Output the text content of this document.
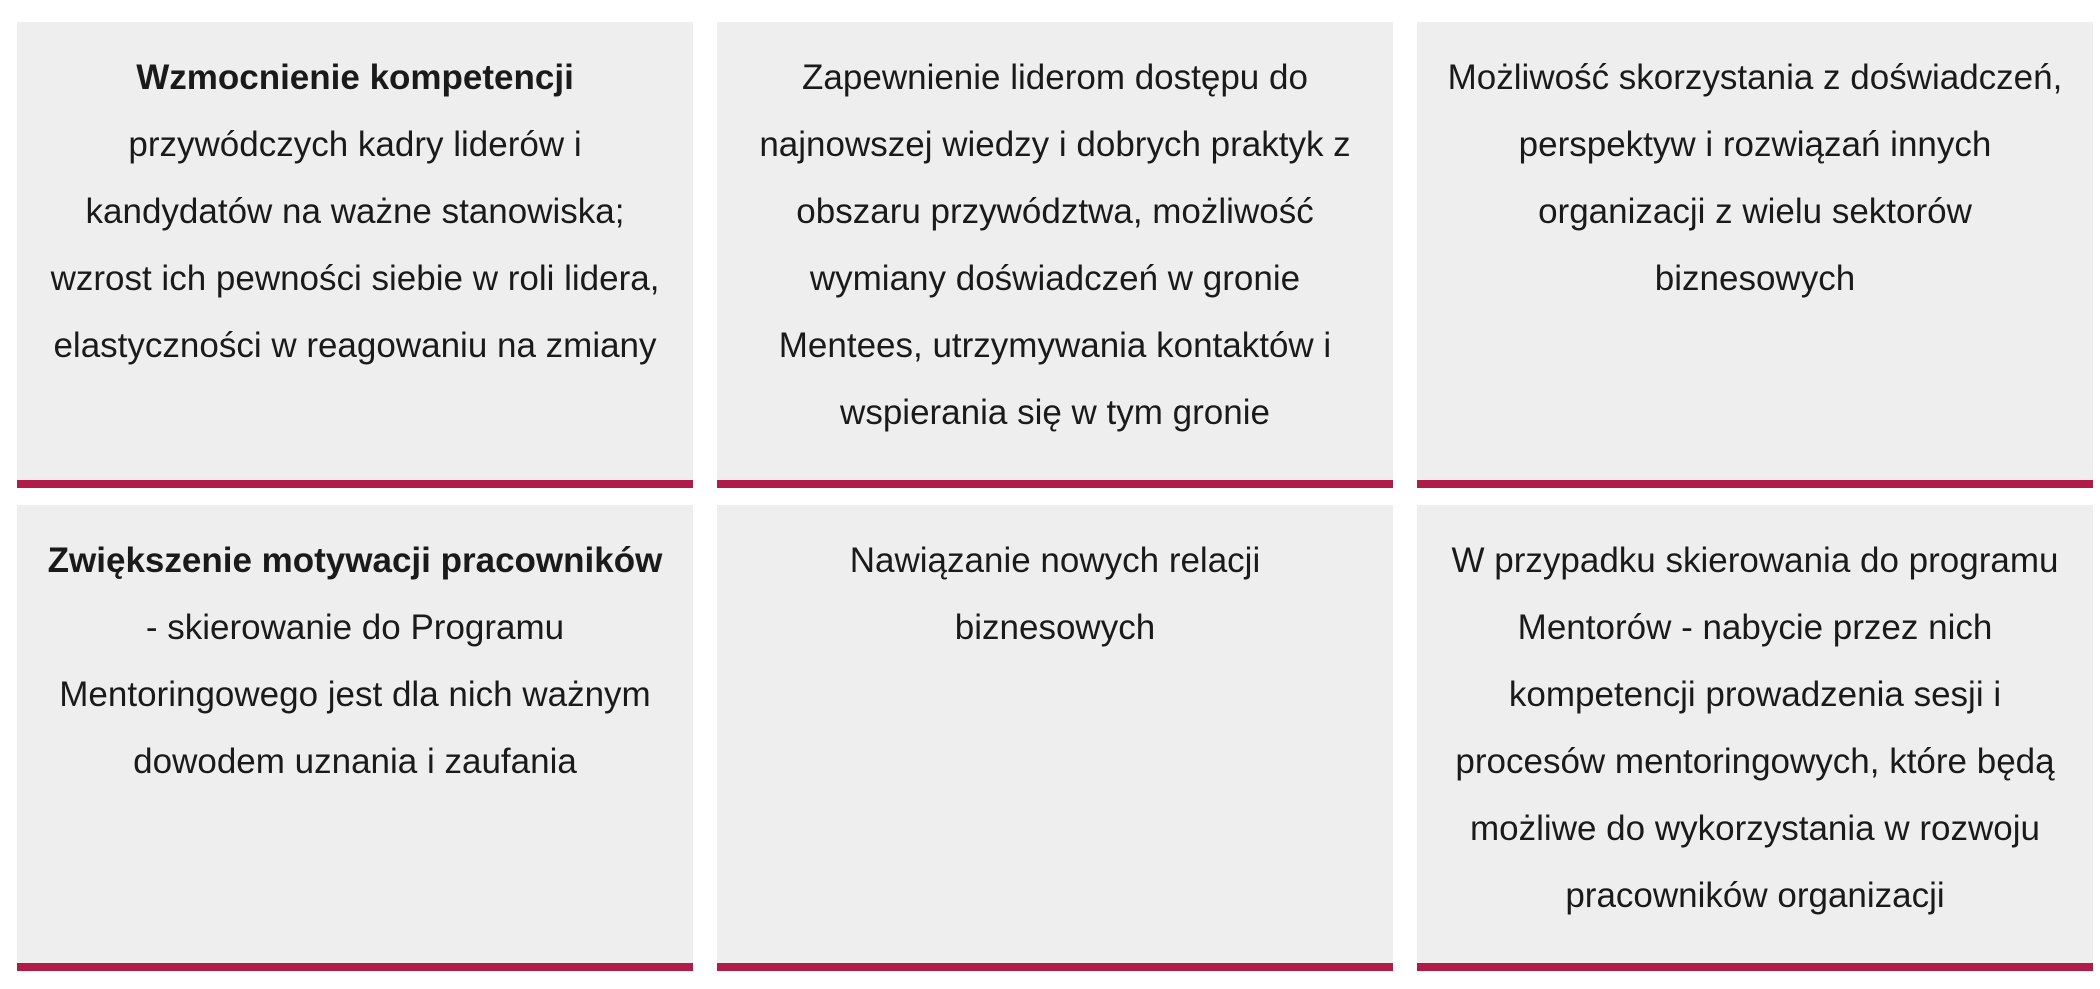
Wzmocnienie kompetencji przywódczych kadry liderów i kandydatów na ważne stanowiska; wzrost ich pewności siebie w roli lidera, elastyczności w reagowaniu na zmiany
Zapewnienie liderom dostępu do najnowszej wiedzy i dobrych praktyk z obszaru przywództwa, możliwość wymiany doświadczeń w gronie Mentees, utrzymywania kontaktów i wspierania się w tym gronie
Możliwość skorzystania z doświadczeń, perspektyw i rozwiązań innych organizacji z wielu sektorów biznesowych
Zwiększenie motywacji pracowników - skierowanie do Programu Mentoringowego jest dla nich ważnym dowodem uznania i zaufania
Nawiązanie nowych relacji biznesowych
W przypadku skierowania do programu Mentorów - nabycie przez nich kompetencji prowadzenia sesji i procesów mentoringowych, które będą możliwe do wykorzystania w rozwoju pracowników organizacji
